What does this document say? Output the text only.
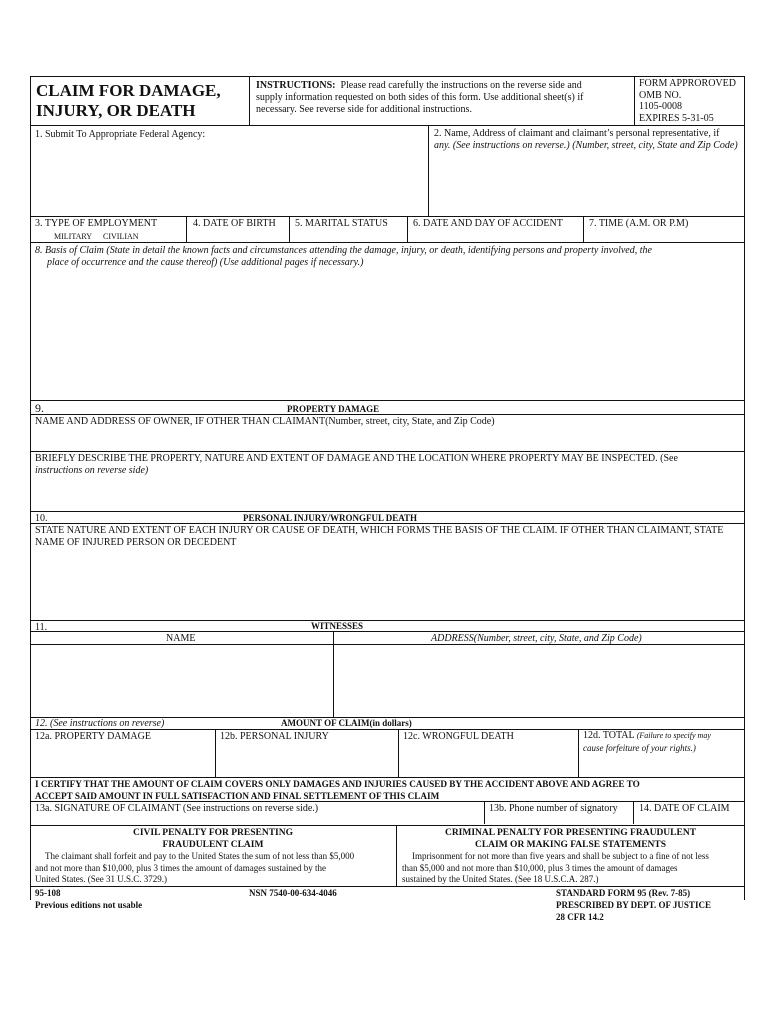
CLAIM FOR DAMAGE,
INJURY, OR DEATH
INSTRUCTIONS: Please read carefully the instructions on the reverse side and
supply information requested on both sides of this form. Use additional sheet(s) if
necessary. See reverse side for additional instructions.
FORM APPROROVED
OMB NO.
1105-0008
EXPIRES 5-31-05
1. Submit To Appropriate Federal Agency:	2. Name, Address of claimant and claimant’s personal representative, if
any. (See instructions on reverse.) (Number, street, city, State and Zip Code)
3. TYPE OF EMPLOYMENT
MILITARY CIVILIAN
4. DATE OF BIRTH 5. MARITAL STATUS	6. DATE AND DAY OF ACCIDENT	7. TIME (A.M. OR P.M)
8. Basis of Claim (State in detail the known facts and circumstances attending the damage, injury, or death, identifying persons and property involved, the
place of occurrence and the cause thereof) (Use additional pages if necessary.)
9.	PROPERTY DAMAGE
NAME AND ADDRESS OF OWNER, IF OTHER THAN CLAIMANT(Number, street, city, State, and Zip Code)
BRIEFLY DESCRIBE THE PROPERTY, NATURE AND EXTENT OF DAMAGE AND THE LOCATION WHERE PROPERTY MAY BE INSPECTED. (See
instructions on reverse side)
10.	PERSONAL INJURY/WRONGFUL DEATH
STATE NATURE AND EXTENT OF EACH INJURY OR CAUSE OF DEATH, WHICH FORMS THE BASIS OF THE CLAIM. IF OTHER THAN CLAIMANT, STATE
NAME OF INJURED PERSON OR DECEDENT
11.	WITNESSES
NAME	ADDRESS(Number, street, city, State, and Zip Code)
12. (See instructions on reverse)	AMOUNT OF CLAIM(in dollars)
12a. PROPERTY DAMAGE	12b. PERSONAL INJURY	12c. WRONGFUL DEATH	12d. TOTAL (Failure to specify may
cause forfeiture of your rights.)
I CERTIFY THAT THE AMOUNT OF CLAIM COVERS ONLY DAMAGES AND INJURIES CAUSED BY THE ACCIDENT ABOVE AND AGREE TO
ACCEPT SAID AMOUNT IN FULL SATISFACTION AND FINAL SETTLEMENT OF THIS CLAIM
13a. SIGNATURE OF CLAIMANT (See instructions on reverse side.)	13b. Phone number of signatory 14. DATE OF CLAIM
CIVIL PENALTY FOR PRESENTING
FRAUDULENT CLAIM
The claimant shall forfeit and pay to the United States the sum of not less than $5,000
and not more than $10,000, plus 3 times the amount of damages sustained by the
United States. (See 31 U.S.C. 3729.)
CRIMINAL PENALTY FOR PRESENTING FRAUDULENT
CLAIM OR MAKING FALSE STATEMENTS
Imprisonment for not more than five years and shall be subject to a fine of not less
than $5,000 and not more than $10,000, plus 3 times the amount of damages
sustained by the United States. (See 18 U.S.C.A. 287.)
95-108
Previous editions not usable
NSN 7540-00-634-4046	STANDARD FORM 95 (Rev. 7-85)
PRESCRIBED BY DEPT. OF JUSTICE
28 CFR 14.2
